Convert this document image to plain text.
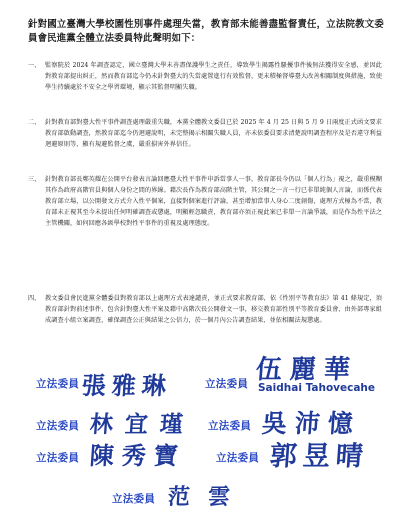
針對國立臺灣大學校園性別事件處理失當，教育部未能善盡監督責任，立法院教文委員會民進黨全體立法委員特此聲明如下：
一、 監察院於 2024 年調查認定，國立臺灣大學未善盡保護學生之責任，導致學生揭露性騷擾事件後無法獲得安全感，並因此對教育部提出糾正，然而教育部迄今仍未針對臺大的失當處置進行有效監督，更未積極督導臺大改善相關制度與措施，致使學生持續處於不安全之學習環境，顯示其監督明顯失職。
二、 針對教育部對臺大性平事件調查處理嚴重失職，本黨全體教文委員已於 2025 年 4 月 25 日與 5 月 9 日兩度正式函文要求教育部啟動調查，然教育部迄今仍迴避說明，未完整揭示相關失職人員，亦未依委員要求清楚說明調查程序及是否違守利益迴避原則等，顯有規避監督之虞，嚴重損害外界信任。
三、 針對教育部長鄭英耀在公開平台發表言論回應臺大性平事件申訴當事人一事，教育部長今仍以「個人行為」視之，嚴重模糊其作為政府高階官員與個人身份之間的界線。藉次長作為教育部高階主管，其公開之一言一行已非單純個人言論，而係代表教育部立場，以公開發文方式介入性平個案，直接對個案進行評論，甚至增加當事人身心二度創傷，處理方式極為不當，教育部未正視其至今未提出任何明確調查或懲處，明顯輕忽職責，教育部亦須正視此案已非單一言論爭議，而是作為性平法之主管機關，如何回應各級學校對性平事件的重視及處理態度。
四、 教文委員會民進黨全體委員對教育部以上處理方式表達譴責，並正式要求教育部，依《性別平等教育法》第 41 條規定，須教育部針對前述事件，包含針對臺大性平案及藉中高階次長公開發文一事，移交教育部性別平等教育委員會，由外部專家組成調查小組立案調查，確保調查公正與結果之公信力，於一個月內公告調查結果，並依相關法規懲處。
立法委員 張雅琳	立法委員 伍麗華
Saidhai Tahovecahe
立法委員 林宜瑾 立法委員 吳沛憶
立法委員 陳秀寶	立法委員 郭昱晴
立法委員 范雲
